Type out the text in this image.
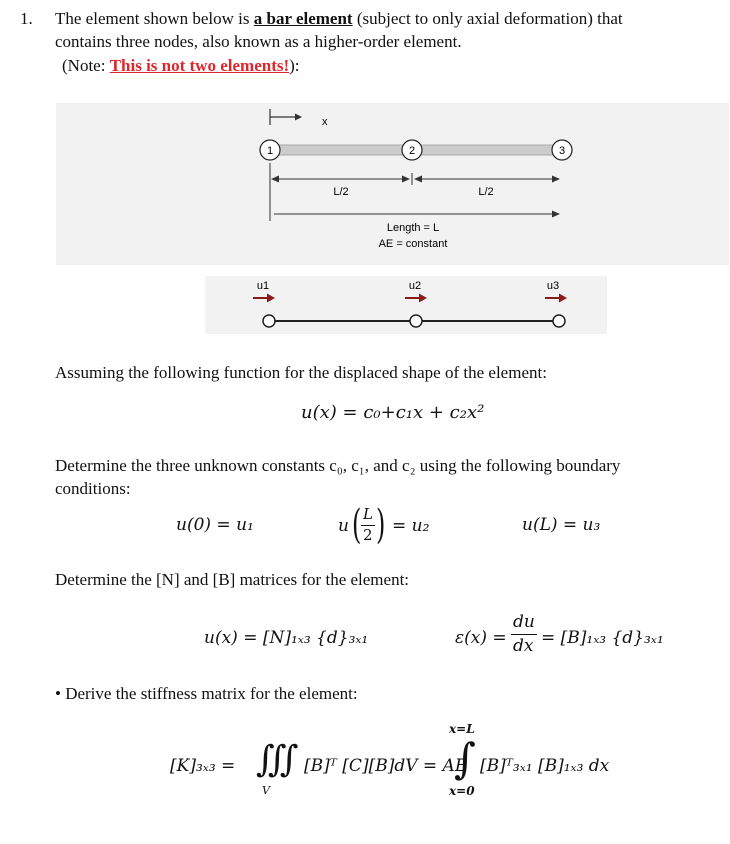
1. The element shown below is a bar element (subject to only axial deformation) that
contains three nodes, also known as a higher-order element.
(Note: This is not two elements!):
x
1	2	3
L/2	L/2
Length = L
AE = constant
u1	u2	u3
Assuming the following function for the displaced shape of the element:
u(x) = c₀+c₁x + c₂x²
Determine the three unknown constants c₀, c₁, and c₂ using the following boundary
conditions:
u(0) = u₁	u ( L
2 ) = u₂	u(L) = u₃
Determine the [N] and [B] matrices for the element:
u(x) = [N]₁ₓ₃ {d}₃ₓ₁	ε(x) =
du
dx = [B]₁ₓ₃ {d}₃ₓ₁
• Derive the stiffness matrix for the element:
[K]₃ₓ₃ = ∭
V
[B]ᵀ [C][B]dV = AE
x=L
∫
x=0
[B]ᵀ₃ₓ₁ [B]₁ₓ₃ dx
